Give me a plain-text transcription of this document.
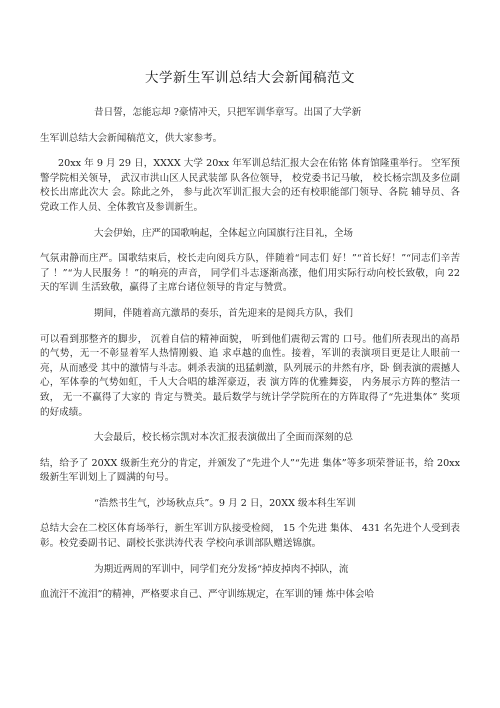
大学新生军训总结大会新闻稿范文
昔日誓，怎能忘却 ?豪情冲天，只把军训华章写。出国了大学新
生军训总结大会新闻稿范文，供大家参考。
20xx 年 9 月 29 日，XXXX 大学 20xx 年军训总结汇报大会在佑铭 体育馆隆重举行。 空军预警学院相关领导， 武汉市洪山区人民武装部 队各位领导， 校党委书记马敏， 校长杨宗凯及多位副校长出席此次大 会。除此之外， 参与此次军训汇报大会的还有校职能部门领导、各院 辅导员、各党政工作人员、全体教官及参训新生。
大会伊始，庄严的国歌响起，全体起立向国旗行注目礼，全场
气氛肃静而庄严。国歌结束后，校长走向阅兵方队，伴随着“同志们 好！”“首长好！”“同志们辛苦了 ！”“为人民服务 ！”的响亮的声音， 同学们斗志逐渐高涨，他们用实际行动向校长致敬，向 22 天的军训 生活致敬，赢得了主席台诸位领导的肯定与赞赏。
期间，伴随着高亢激昂的奏乐，首先迎来的是阅兵方队，我们
可以看到那整齐的脚步， 沉着自信的精神面貌， 听到他们震彻云霄的 口号。他们所表现出的高昂的气势，无一不彰显着军人热情刚毅、追 求卓越的血性。接着，军训的表演项目更是让人眼前一亮，从而感受 其中的激情与斗志。刺杀表演的迅猛刺激，队列展示的井然有序，卧 倒表演的震撼人心，军体拳的气势如虹，千人大合唱的雄浑豪迈，表 演方阵的优雅舞姿， 内务展示方阵的整洁一致， 无一不赢得了大家的 肯定与赞美。最后数学与统计学学院所在的方阵取得了“先进集体” 奖项的好成绩。
大会最后，校长杨宗凯对本次汇报表演做出了全面而深刻的总
结，给予了 20XX 级新生充分的肯定，并颁发了“先进个人”“先进 集体”等多项荣誉证书，给 20xx 级新生军训划上了圆满的句号。
“浩然书生气，沙场秋点兵”。9 月 2 日，20XX 级本科生军训
总结大会在二校区体育场举行，新生军训方队接受检阅， 15 个先进 集体、 431 名先进个人受到表彰。校党委副书记、副校长张洪涛代表 学校向承训部队赠送锦旗。
为期近两周的军训中，同学们充分发扬“掉皮掉肉不掉队，流
血流汗不流泪”的精神，严格要求自己、严守训练规定，在军训的锤 炼中体会哈
